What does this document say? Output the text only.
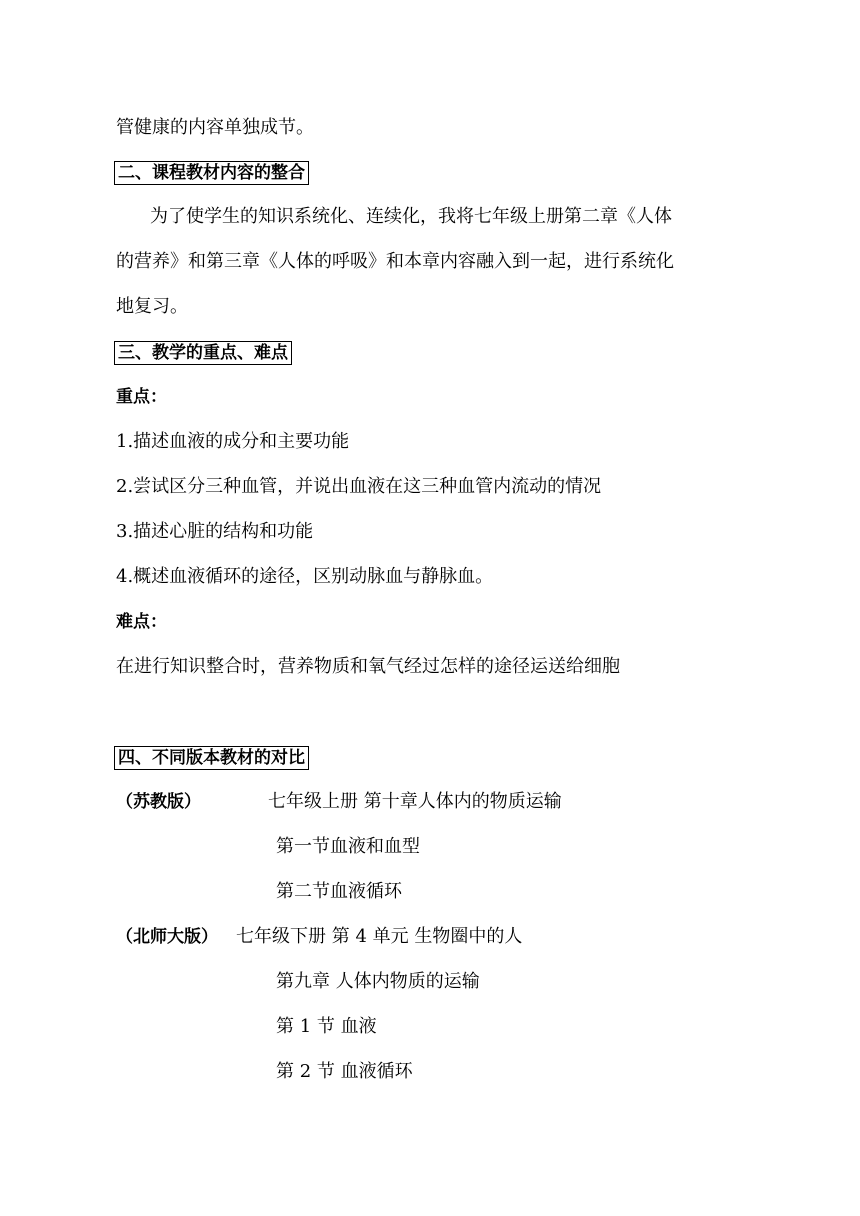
管健康的内容单独成节。
二、课程教材内容的整合
为了使学生的知识系统化、连续化，我将七年级上册第二章《人体
的营养》和第三章《人体的呼吸》和本章内容融入到一起，进行系统化
地复习。
三、教学的重点、难点
重点：
1.描述血液的成分和主要功能
2.尝试区分三种血管，并说出血液在这三种血管内流动的情况
3.描述心脏的结构和功能
4.概述血液循环的途径，区别动脉血与静脉血。
难点：
在进行知识整合时，营养物质和氧气经过怎样的途径运送给细胞
四、不同版本教材的对比
（苏教版）	七年级上册 第十章人体内的物质运输
第一节血液和血型
第二节血液循环
（北师大版） 七年级下册 第 4 单元 生物圈中的人
第九章 人体内物质的运输
第 1 节 血液
第 2 节 血液循环
